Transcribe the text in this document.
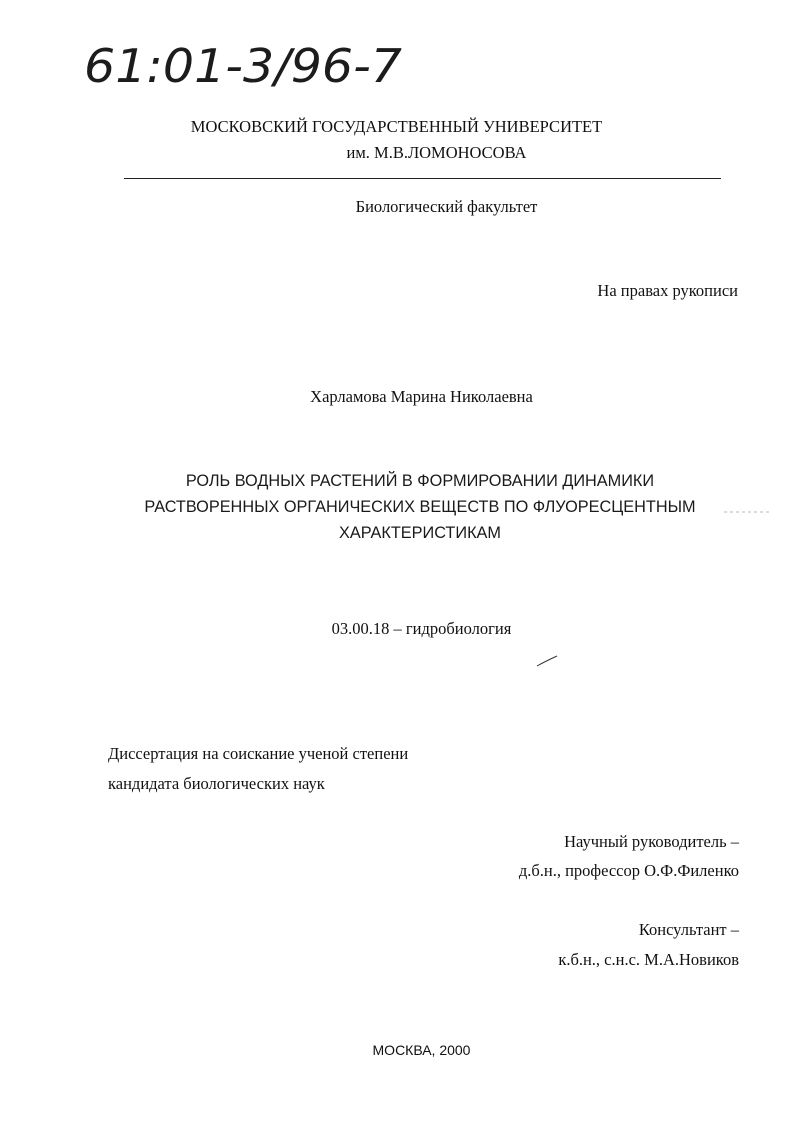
61:01-3/96-7
МОСКОВСКИЙ ГОСУДАРСТВЕННЫЙ УНИВЕРСИТЕТ
им. М.В.ЛОМОНОСОВА
Биологический факультет
На правах рукописи
Харламова Марина Николаевна
РОЛЬ ВОДНЫХ РАСТЕНИЙ В ФОРМИРОВАНИИ ДИНАМИКИ
РАСТВОРЕННЫХ ОРГАНИЧЕСКИХ ВЕЩЕСТВ ПО ФЛУОРЕСЦЕНТНЫМ
ХАРАКТЕРИСТИКАМ
03.00.18 – гидробиология
Диссертация на соискание ученой степени
кандидата биологических наук
Научный руководитель –
д.б.н., профессор О.Ф.Филенко
Консультант –
к.б.н., с.н.с. М.А.Новиков
МОСКВА, 2000
